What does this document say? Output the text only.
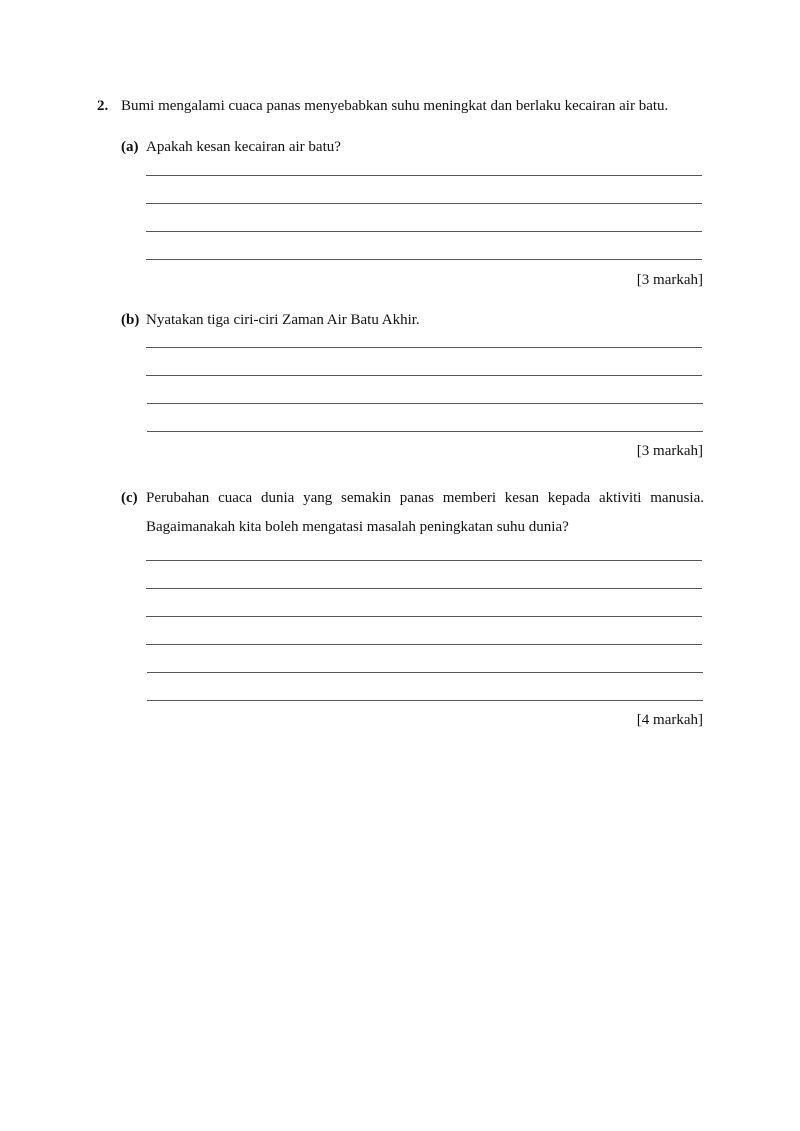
2. Bumi mengalami cuaca panas menyebabkan suhu meningkat dan berlaku kecairan air batu.
(a) Apakah kesan kecairan air batu?
[3 markah]
(b) Nyatakan tiga ciri-ciri Zaman Air Batu Akhir.
[3 markah]
(c) Perubahan cuaca dunia yang semakin panas memberi kesan kepada aktiviti manusia.
Bagaimanakah kita boleh mengatasi masalah peningkatan suhu dunia?
[4 markah]
